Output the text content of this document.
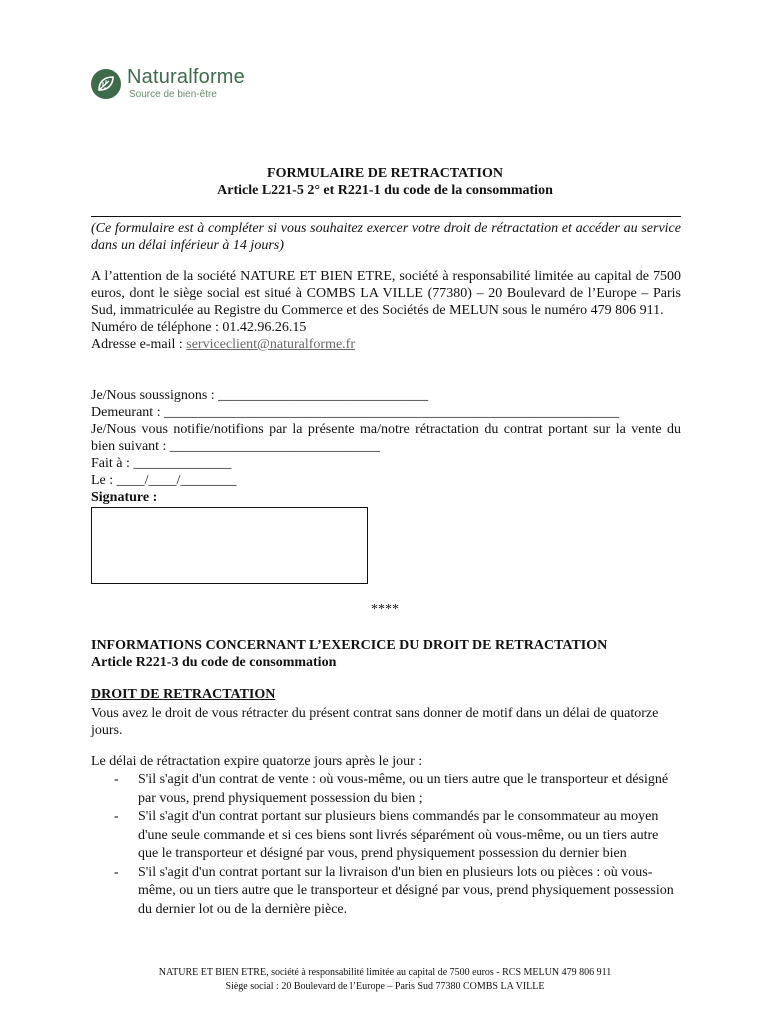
Naturalforme
Source de bien-être
FORMULAIRE DE RETRACTATION
Article L221-5 2° et R221-1 du code de la consommation
(Ce formulaire est à compléter si vous souhaitez exercer votre droit de rétractation et accéder au service dans un délai inférieur à 14 jours)
A l’attention de la société NATURE ET BIEN ETRE, société à responsabilité limitée au capital de 7500 euros, dont le siège social est situé à COMBS LA VILLE (77380) – 20 Boulevard de l’Europe – Paris Sud, immatriculée au Registre du Commerce et des Sociétés de MELUN sous le numéro 479 806 911.
Numéro de téléphone : 01.42.96.26.15
Adresse e-mail : serviceclient@naturalforme.fr
Je/Nous soussignons : ______________________________
Demeurant : _________________________________________________________________
Je/Nous vous notifie/notifions par la présente ma/notre rétractation du contrat portant sur la vente du bien suivant : ______________________________
Fait à : ______________
Le : ____/____/________
Signature :
****
INFORMATIONS CONCERNANT L’EXERCICE DU DROIT DE RETRACTATION
Article R221-3 du code de consommation
DROIT DE RETRACTATION
Vous avez le droit de vous rétracter du présent contrat sans donner de motif dans un délai de quatorze jours.
Le délai de rétractation expire quatorze jours après le jour :
- S'il s'agit d'un contrat de vente : où vous-même, ou un tiers autre que le transporteur et désigné par vous, prend physiquement possession du bien ;
- S'il s'agit d'un contrat portant sur plusieurs biens commandés par le consommateur au moyen d'une seule commande et si ces biens sont livrés séparément où vous-même, ou un tiers autre que le transporteur et désigné par vous, prend physiquement possession du dernier bien
- S'il s'agit d'un contrat portant sur la livraison d'un bien en plusieurs lots ou pièces : où vous-même, ou un tiers autre que le transporteur et désigné par vous, prend physiquement possession du dernier lot ou de la dernière pièce.
NATURE ET BIEN ETRE, société à responsabilité limitée au capital de 7500 euros - RCS MELUN 479 806 911
Siège social : 20 Boulevard de l’Europe – Paris Sud 77380 COMBS LA VILLE
